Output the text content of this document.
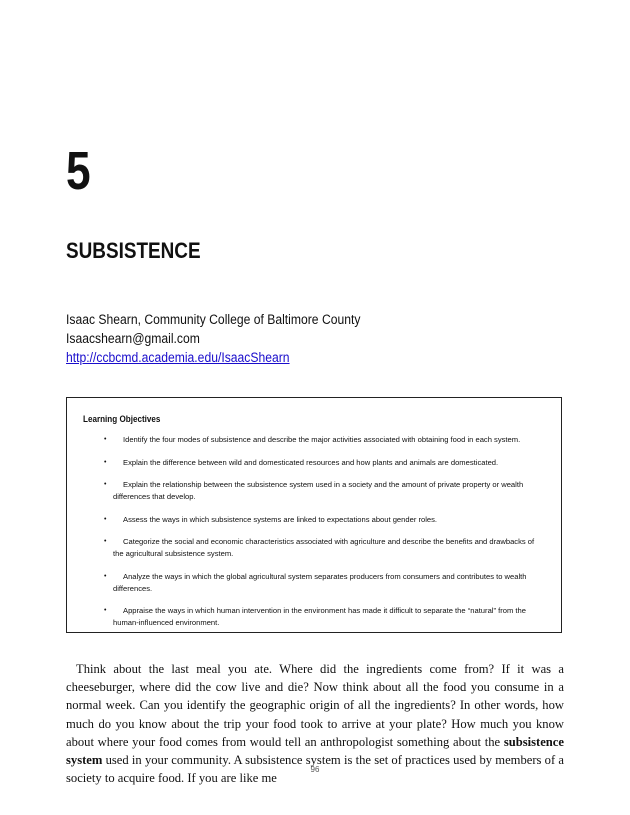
5
SUBSISTENCE
Isaac Shearn, Community College of Baltimore County
Isaacshearn@gmail.com
http://ccbcmd.academia.edu/IsaacShearn
Learning Objectives
•	Identify the four modes of subsistence and describe the major activities associated with obtaining food in each system.
•	Explain the difference between wild and domesticated resources and how plants and animals are domesticated.
•	Explain the relationship between the subsistence system used in a society and the amount of private property or wealth differences that develop.
•	Assess the ways in which subsistence systems are linked to expectations about gender roles.
•	Categorize the social and economic characteristics associated with agriculture and describe the benefits and drawbacks of the agricultural subsistence system.
•	Analyze the ways in which the global agricultural system separates producers from consumers and contributes to wealth differences.
•	Appraise the ways in which human intervention in the environment has made it difficult to separate the “natural” from the human-influenced environment.
Think about the last meal you ate. Where did the ingredients come from? If it was a cheeseburger, where did the cow live and die? Now think about all the food you consume in a normal week. Can you identify the geographic origin of all the ingredients? In other words, how much do you know about the trip your food took to arrive at your plate? How much you know about where your food comes from would tell an anthropologist something about the subsistence system used in your community. A subsistence system is the set of practices used by members of a society to acquire food. If you are like me
96
